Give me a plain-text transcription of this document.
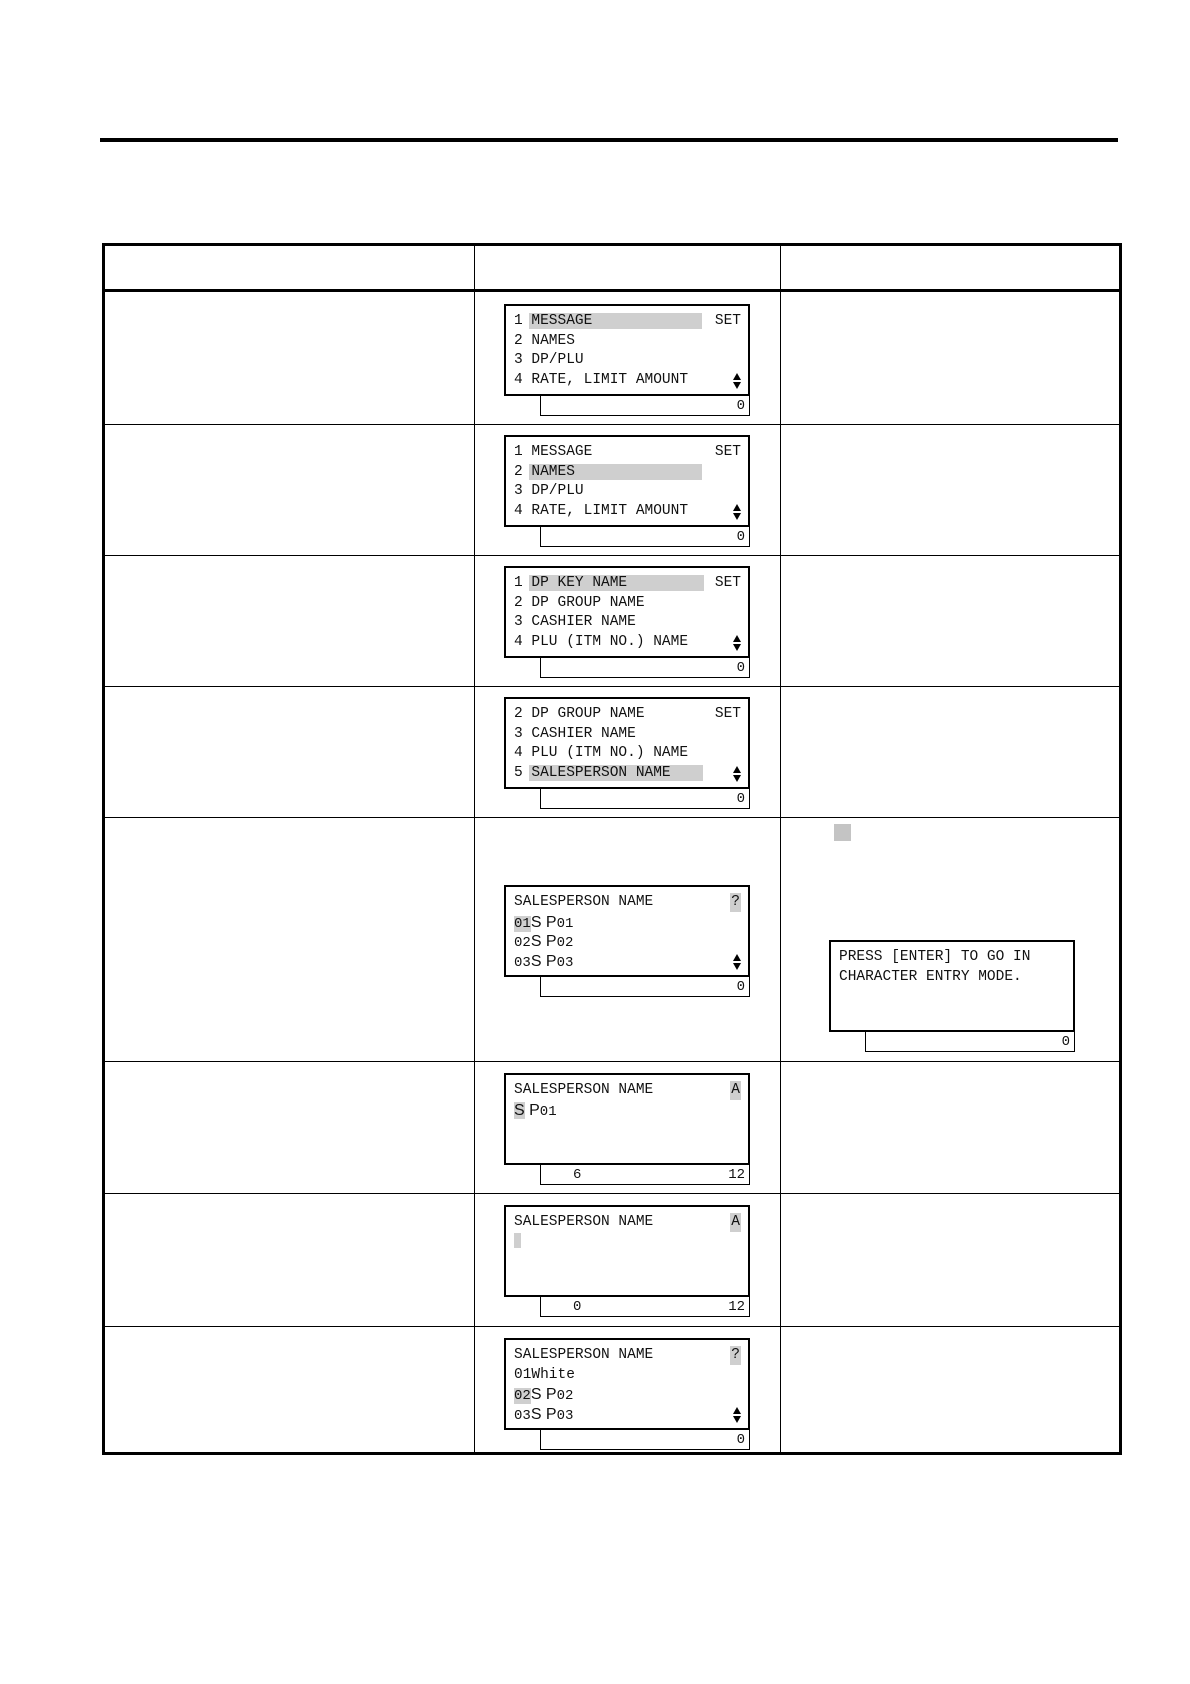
1 MESSAGE	SET
2 NAMES
3 DP/PLU
4 RATE, LIMIT AMOUNT

0
1 MESSAGE	SET
2 NAMES
3 DP/PLU
4 RATE, LIMIT AMOUNT

0
1 DP KEY NAME	SET
2 DP GROUP NAME
3 CASHIER NAME
4 PLU (ITM NO.) NAME

0
2 DP GROUP NAME	SET
3 CASHIER NAME
4 PLU (ITM NO.) NAME
5 SALESPERSON NAME

0
SALESPERSON NAME	?
01S P01
02S P02
03S P03

0
PRESS [ENTER] TO GO IN
CHARACTER ENTRY MODE.
0
SALESPERSON NAME	A
S P01
6	12
SALESPERSON NAME	A
0	12
SALESPERSON NAME	?
01White
02S P02
03S P03

0
